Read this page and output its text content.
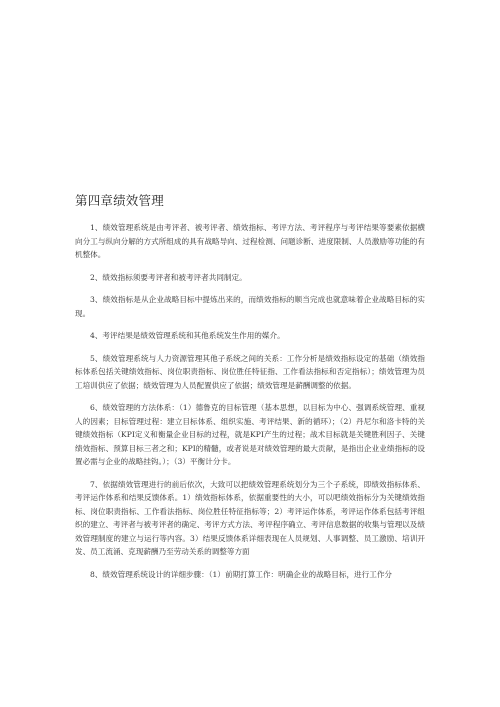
第四章绩效管理

1、绩效管理系统是由考评者、被考评者、绩效指标、考评方法、考评程序与考评结果等要素依据横向分工与纵向分解的方式所组成的具有战略导向、过程检测、问题诊断、进度限制、人员激励等功能的有机整体。

2、绩效指标须要考评者和被考评者共同制定。

3、绩效指标是从企业战略目标中提炼出来的，而绩效指标的顺当完成也就意味着企业战略目标的实现。

4、考评结果是绩效管理系统和其他系统发生作用的媒介。

5、绩效管理系统与人力资源管理其他子系统之间的关系：工作分析是绩效指标设定的基础（绩效指标体系包括关键绩效指标、岗位职责指标、岗位胜任特征指、工作看法指标和否定指标）；绩效管理为员工培训供应了依据；绩效管理为人员配置供应了依据；绩效管理是薪酬调整的依据。

6、绩效管理的方法体系：（1）德鲁克的目标管理（基本思想，以目标为中心、强调系统管理、重视人的因素；目标管理过程：建立目标体系、组织实施、考评结果、新的循环）；（2）丹尼尔和洛卡特的关键绩效指标（KPI定义和衡量企业目标的过程，就是KPI产生的过程；战术目标就是关键胜利因子、关键绩效指标、预算目标三者之和；KPI的精髓，或者说是对绩效管理的最大贡献，是指出企业业绩指标的设置必需与企业的战略挂钩。）；（3）平衡计分卡。

7、依据绩效管理进行的前后依次，大致可以把绩效管理系统划分为三个子系统，即绩效指标体系、考评运作体系和结果反馈体系。1）绩效指标体系，依据重要性的大小，可以吧绩效指标分为关键绩效指标、岗位职责指标、工作看法指标、岗位胜任特征指标等；2）考评运作体系，考评运作体系包括考评组织的建立、考评者与被考评者的确定、考评方式方法、考评程序确立、考评信息数据的收集与管理以及绩效管理制度的建立与运行等内容。3）结果反馈体系详细表现在人员规划、人事调整、员工激励、培训开发、员工流涌、克现薪酬乃至劳动关系的调整等方面

8、绩效管理系统设计的详细步骤：（1）前期打算工作：明确企业的战略目标，进行工作分
